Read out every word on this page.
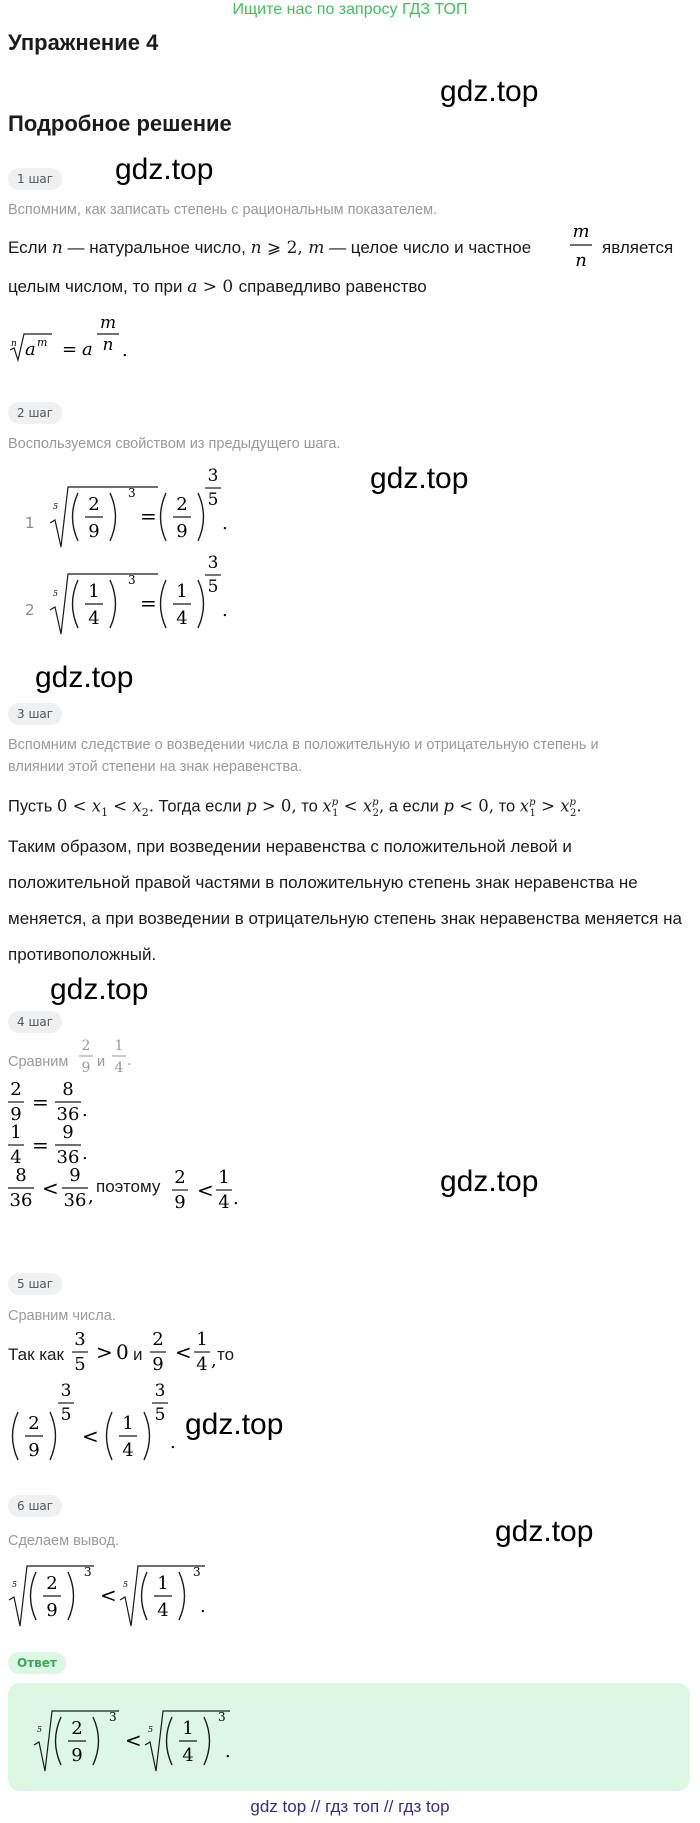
Ищите нас по запросу ГДЗ ТОП
Упражнение 4
gdz.top
Подробное решение
1 шаг	gdz.top
Вспомним, как записать степень с рациональным показателем.
Если n — натуральное число, n ⩾ 2, m — целое число и частное
m
n
является
целым числом, то при a > 0 справедливо равенство
n a m = a
m
n .
2 шаг
Воспользуемся свойством из предыдущего шага.
gdz.top
1
5 2
9
3
= 2
9
3
5
.
2
5 1
4
3
= 1
4
3
5
.
gdz.top
3 шаг
Вспомним следствие о возведении числа в положительную и отрицательную степень и
влиянии этой степени на знак неравенства.
Пусть $0 < x_1 < x_2$. Тогда если p > 0, то $x^p_1 < x^p_2$, а если p < 0, то $x^p_1 > x^p_2$.
Таким образом, при возведении неравенства с положительной левой и положительной правой частями в положительную степень знак неравенства не меняется, а при возведении в отрицательную степень знак неравенства меняется на противоположный.
gdz.top
4 шаг
Сравним
2
9
1
4 .
и
2
9
=
8
36 .
1
4
=
9
36 .
8
36
<
9
36 , поэтому 2
9
<
1
4 .
gdz.top
5 шаг
Сравним числа.
Так как
3
5
> 0 и
2
9
<
1
4 , то
2
9
3
5
<
1
4
3
5
.
gdz.top
6 шаг
gdz.top
Сделаем вывод.
5 2
9
3
< 5 1
4
3
.
Ответ
5 2
9
3
< 5 1
4
3
.
gdz top // гдз топ // гдз top
